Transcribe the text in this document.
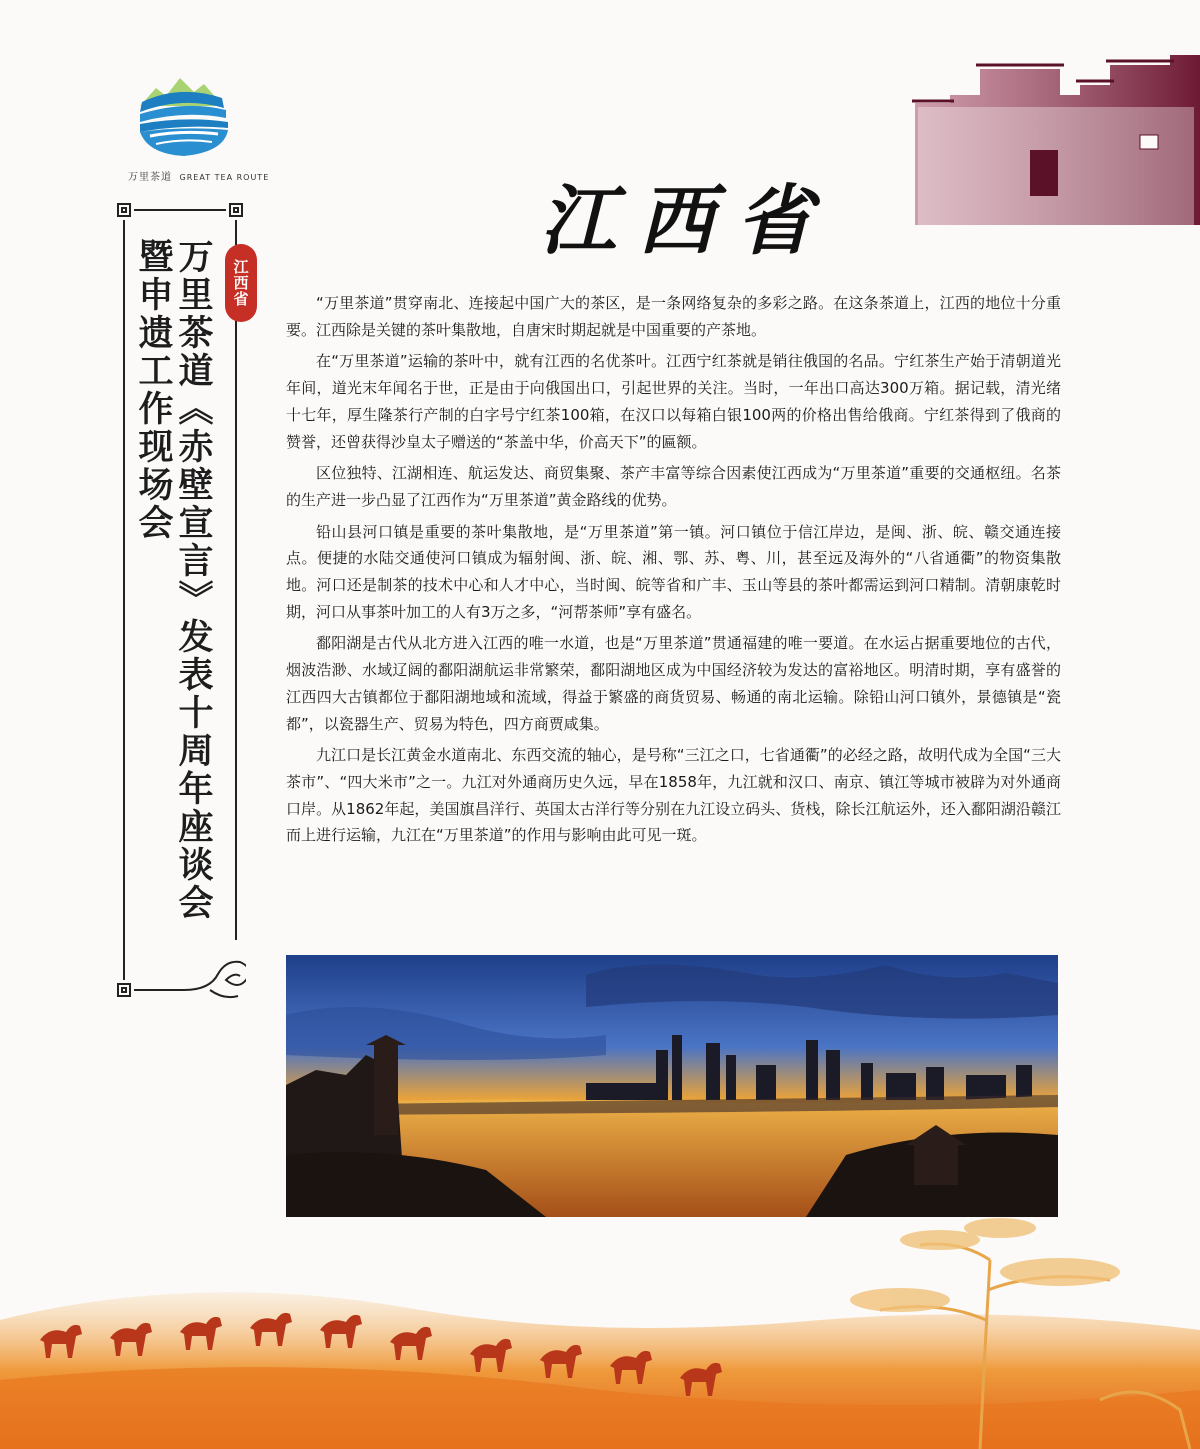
万里茶道 GREAT TEA ROUTE
江西省
万里茶道《赤壁宣言》发表十周年座谈会
暨申遗工作现场会
江西省

“万里茶道”贯穿南北、连接起中国广大的茶区，是一条网络复杂的多彩之路。在这条茶道上，江西的地位十分重要。江西除是关键的茶叶集散地，自唐宋时期起就是中国重要的产茶地。

在“万里茶道”运输的茶叶中，就有江西的名优茶叶。江西宁红茶就是销往俄国的名品。宁红茶生产始于清朝道光年间，道光末年闻名于世，正是由于向俄国出口，引起世界的关注。当时，一年出口高达300万箱。据记载，清光绪十七年，厚生隆茶行产制的白字号宁红茶100箱，在汉口以每箱白银100两的价格出售给俄商。宁红茶得到了俄商的赞誉，还曾获得沙皇太子赠送的“茶盖中华，价高天下”的匾额。

区位独特、江湖相连、航运发达、商贸集聚、茶产丰富等综合因素使江西成为“万里茶道”重要的交通枢纽。名茶的生产进一步凸显了江西作为“万里茶道”黄金路线的优势。

铅山县河口镇是重要的茶叶集散地，是“万里茶道”第一镇。河口镇位于信江岸边，是闽、浙、皖、赣交通连接点。便捷的水陆交通使河口镇成为辐射闽、浙、皖、湘、鄂、苏、粤、川，甚至远及海外的“八省通衢”的物资集散地。河口还是制茶的技术中心和人才中心，当时闽、皖等省和广丰、玉山等县的茶叶都需运到河口精制。清朝康乾时期，河口从事茶叶加工的人有3万之多，“河帮茶师”享有盛名。

鄱阳湖是古代从北方进入江西的唯一水道，也是“万里茶道”贯通福建的唯一要道。在水运占据重要地位的古代，烟波浩渺、水域辽阔的鄱阳湖航运非常繁荣，鄱阳湖地区成为中国经济较为发达的富裕地区。明清时期，享有盛誉的江西四大古镇都位于鄱阳湖地域和流域，得益于繁盛的商货贸易、畅通的南北运输。除铅山河口镇外，景德镇是“瓷都”，以瓷器生产、贸易为特色，四方商贾咸集。

九江口是长江黄金水道南北、东西交流的轴心，是号称“三江之口，七省通衢”的必经之路，故明代成为全国“三大茶市”、“四大米市”之一。九江对外通商历史久远，早在1858年，九江就和汉口、南京、镇江等城市被辟为对外通商口岸。从1862年起，美国旗昌洋行、英国太古洋行等分别在九江设立码头、货栈，除长江航运外，还入鄱阳湖沿赣江而上进行运输，九江在“万里茶道”的作用与影响由此可见一斑。
